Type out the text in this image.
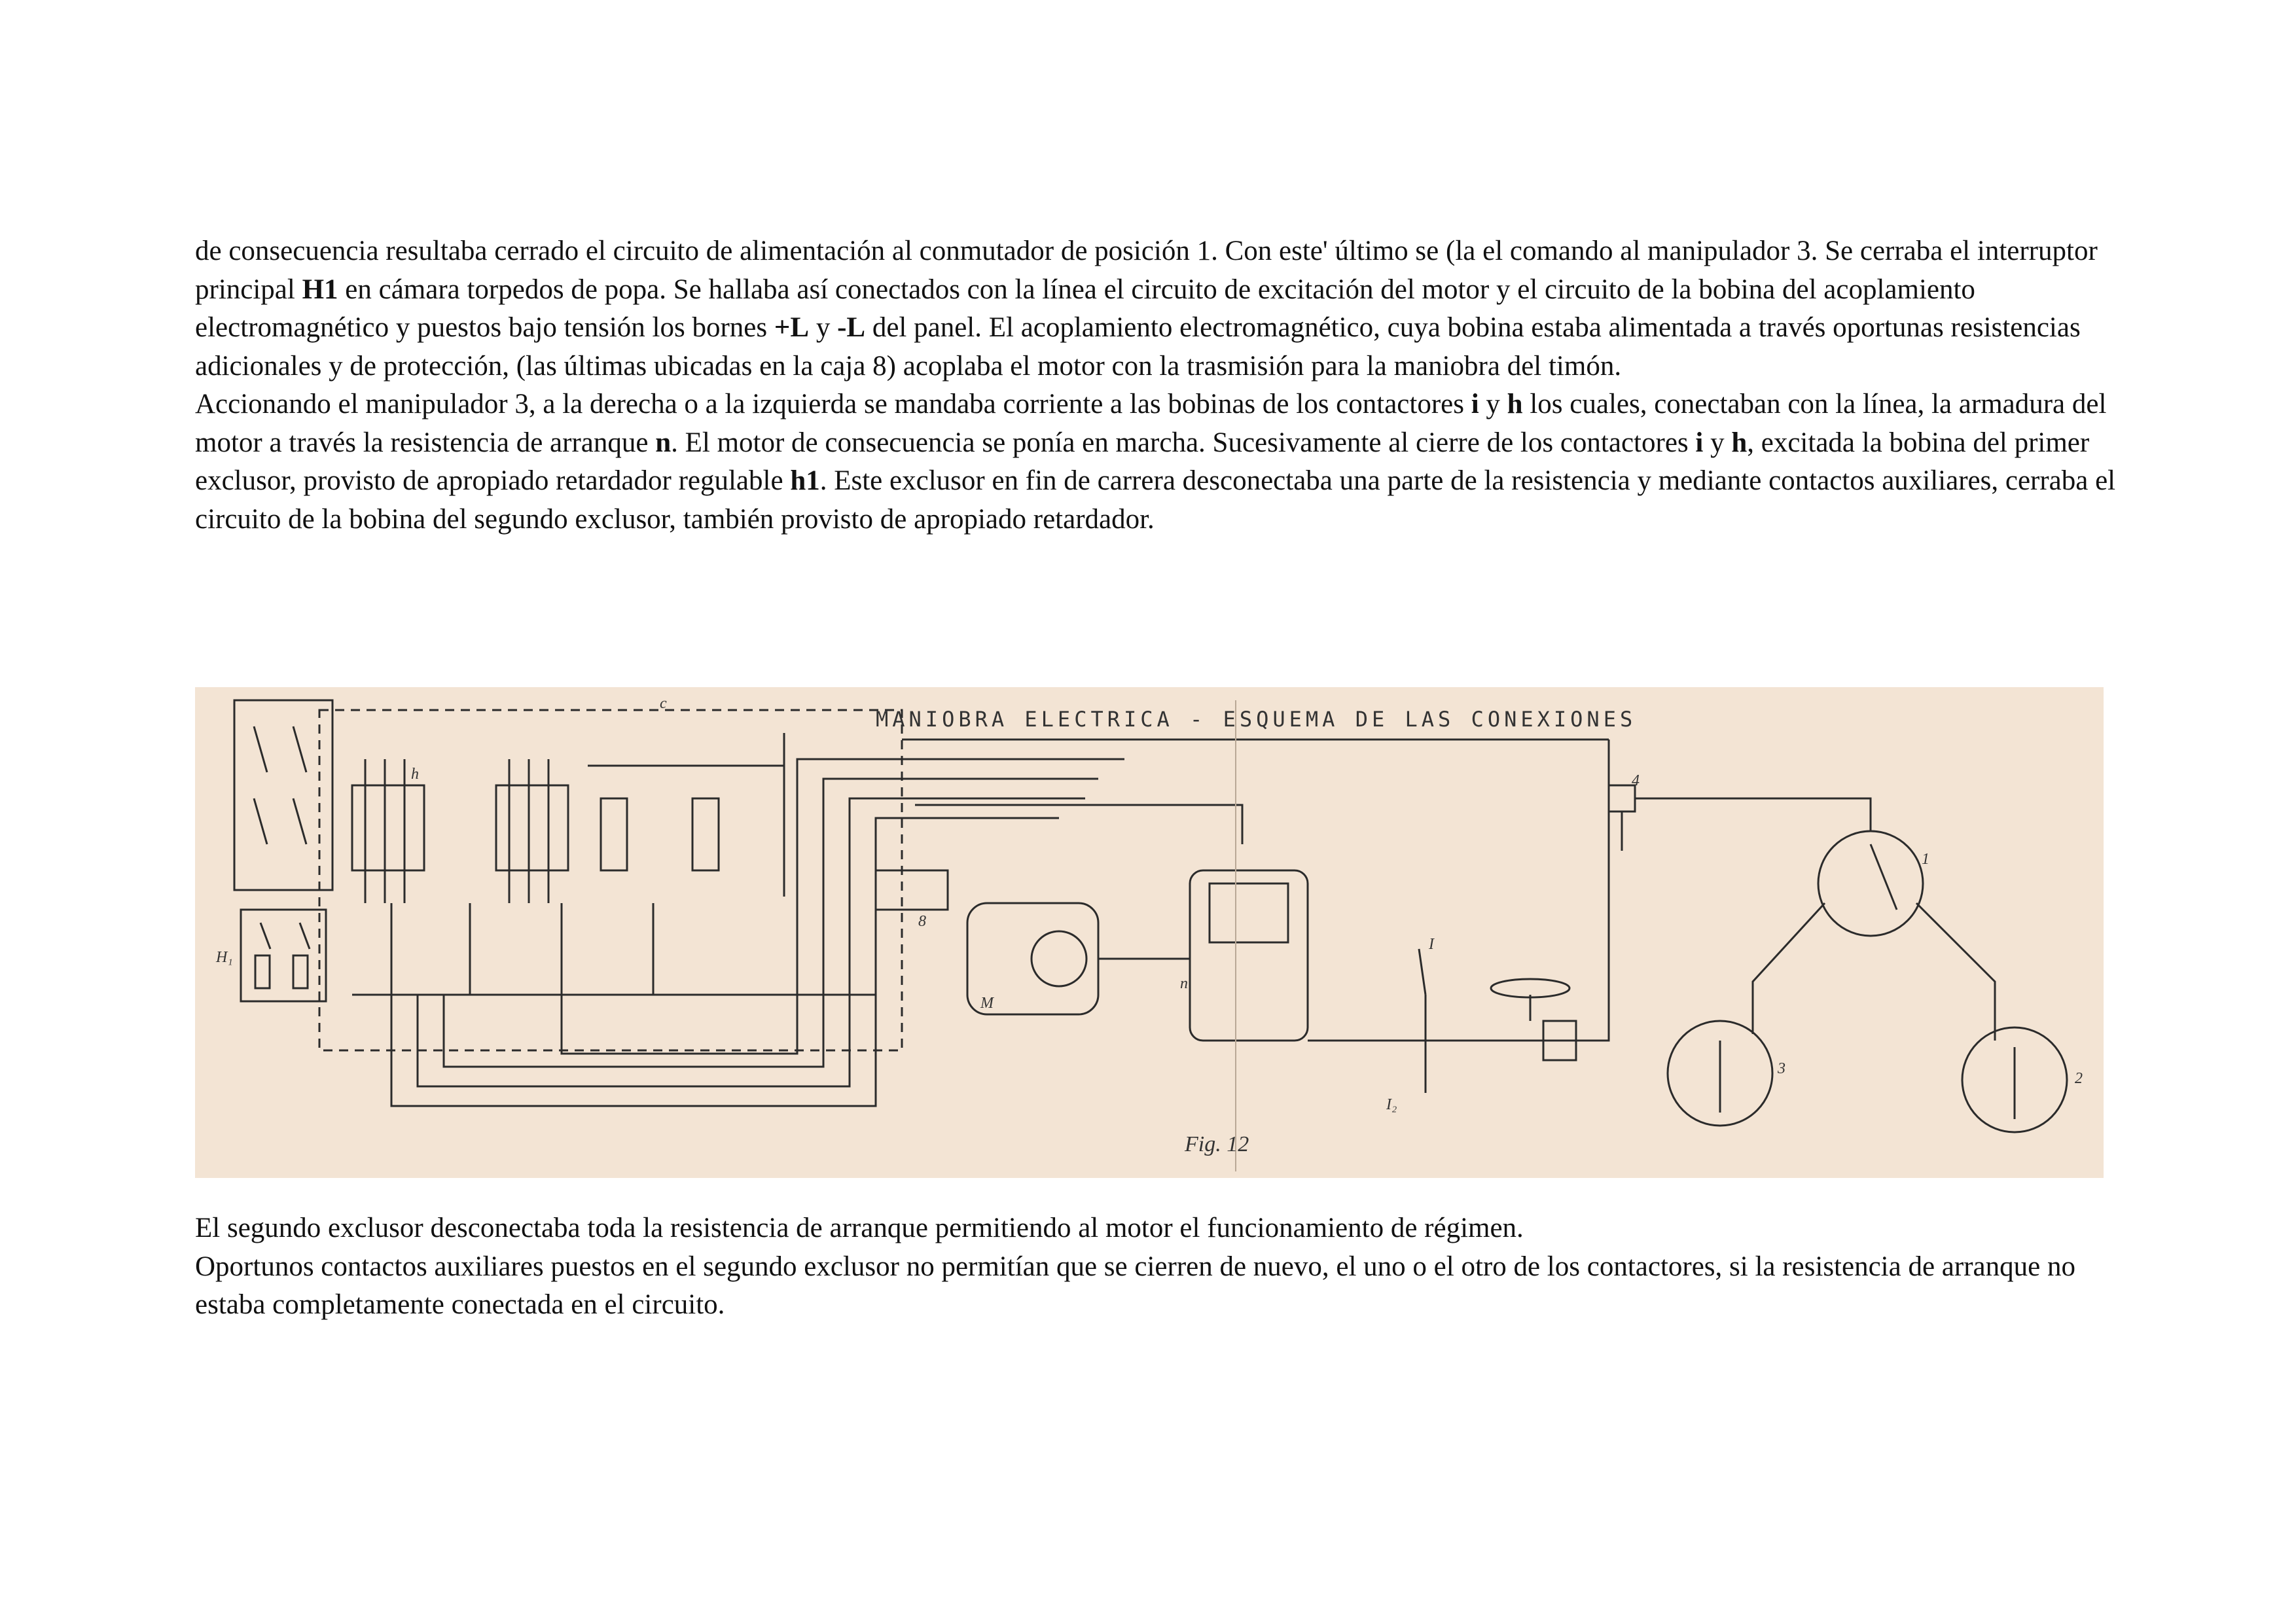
de consecuencia resultaba cerrado el circuito de alimentación al conmutador de posición 1. Con este' último se (la el comando al manipulador 3. Se cerraba el interruptor principal H1 en cámara torpedos de popa. Se hallaba así conectados con la línea el circuito de excitación del motor y el circuito de la bobina del acoplamiento electromagnético y puestos bajo tensión los bornes +L y -L del panel. El acoplamiento electromagnético, cuya bobina estaba alimentada a través oportunas resistencias adicionales y de protección, (las últimas ubicadas en la caja 8) acoplaba el motor con la trasmisión para la maniobra del timón.

Accionando el manipulador 3, a la derecha o a la izquierda se mandaba corriente a las bobinas de los contactores i y h los cuales, conectaban con la línea, la armadura del motor a través la resistencia de arranque n. El motor de consecuencia se ponía en marcha. Sucesivamente al cierre de los contactores i y h, excitada la bobina del primer exclusor, provisto de apropiado retardador regulable h1. Este exclusor en fin de carrera desconectaba una parte de la resistencia y mediante contactos auxiliares, cerraba el circuito de la bobina del segundo exclusor, también provisto de apropiado retardador.

MANIOBRA ELECTRICA - ESQUEMA DE LAS CONEXIONES
Fig. 12
H₁
c
h
M
n
8
1
2
3
4
I
I₂

El segundo exclusor desconectaba toda la resistencia de arranque permitiendo al motor el funcionamiento de régimen.

Oportunos contactos auxiliares puestos en el segundo exclusor no permitían que se cierren de nuevo, el uno o el otro de los contactores, si la resistencia de arranque no estaba completamente conectada en el circuito.
